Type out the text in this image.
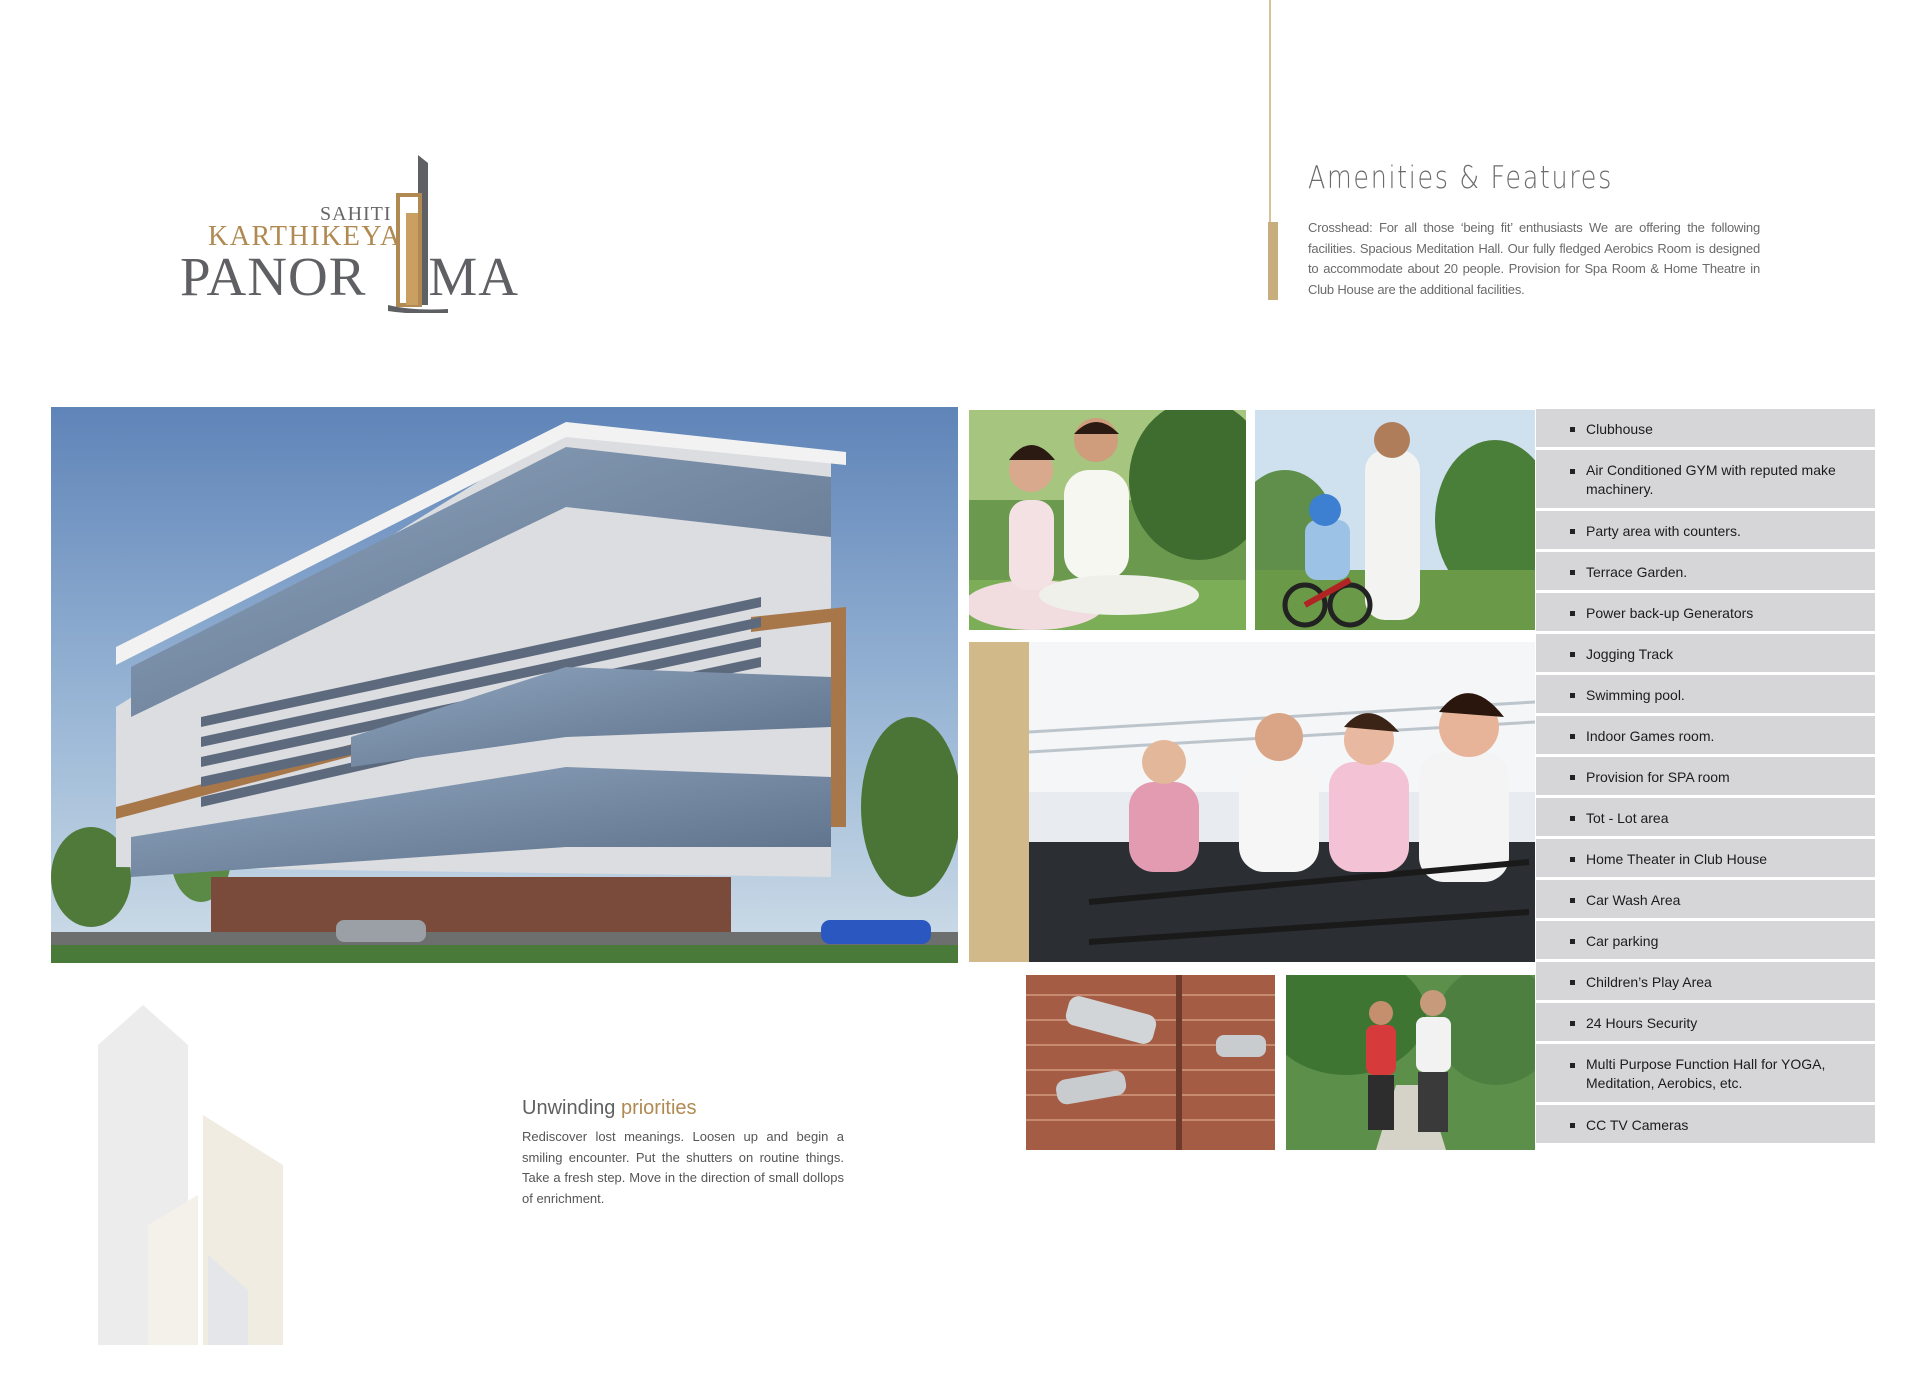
SAHITI
KARTHIKEYA
PANOR MA
Amenities & Features
Crosshead: For all those ‘being fit’ enthusiasts We are offering the following facilities. Spacious Meditation Hall. Our fully fledged Aerobics Room is designed to accommodate about 20 people. Provision for Spa Room & Home Theatre in Club House are the additional facilities.
Clubhouse
Air Conditioned GYM with reputed make machinery.
Party area with counters.
Terrace Garden.
Power back-up Generators
Jogging Track
Swimming pool.
Indoor Games room.
Provision for SPA room
Tot - Lot area
Home Theater in Club House
Car Wash Area
Car parking
Children’s Play Area
24 Hours Security
Multi Purpose Function Hall for YOGA, Meditation, Aerobics, etc.
CC TV Cameras
Unwinding priorities
Rediscover lost meanings. Loosen up and begin a smiling encounter. Put the shutters on routine things. Take a fresh step. Move in the direction of small dollops of enrichment.
